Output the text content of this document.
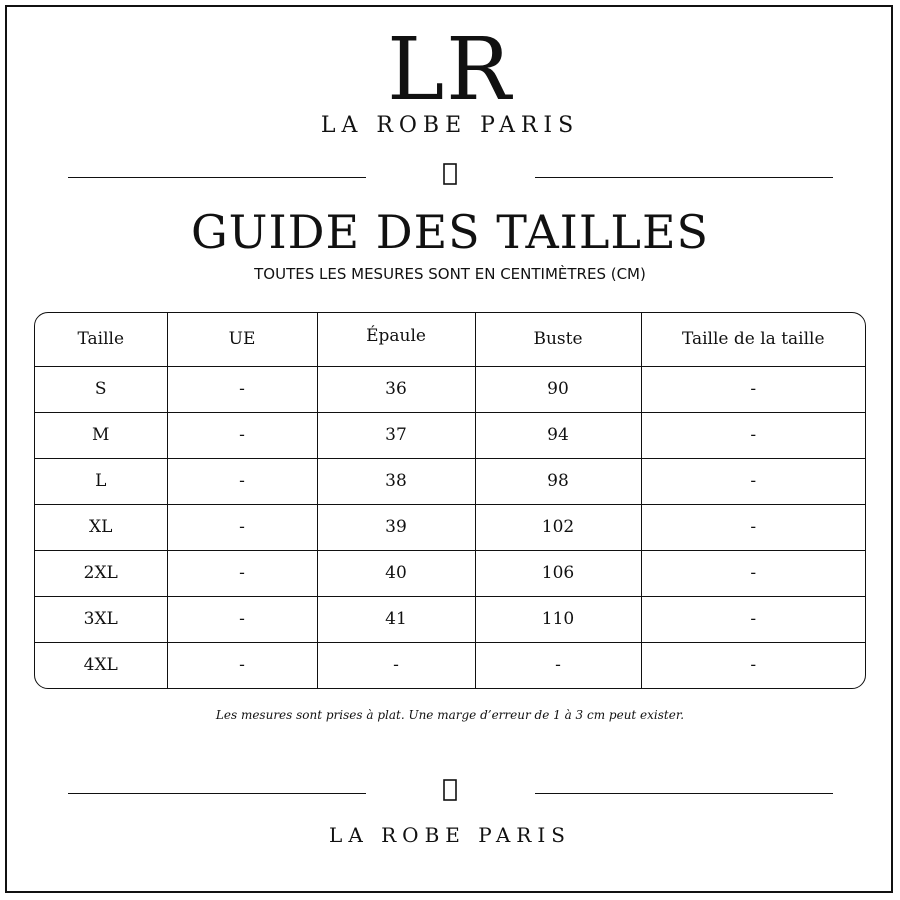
LR
LA ROBE PARIS
GUIDE DES TAILLES
TOUTES LES MESURES SONT EN CENTIMÈTRES (CM)
Taille	UE	Épaule	Buste	Taille de la taille
S	-	36	90	-
M	-	37	94	-
L	-	38	98	-
XL	-	39	102	-
2XL	-	40	106	-
3XL	-	41	110	-
4XL	-	-	-	-
Les mesures sont prises à plat. Une marge d’erreur de 1 à 3 cm peut exister.
LA ROBE PARIS
